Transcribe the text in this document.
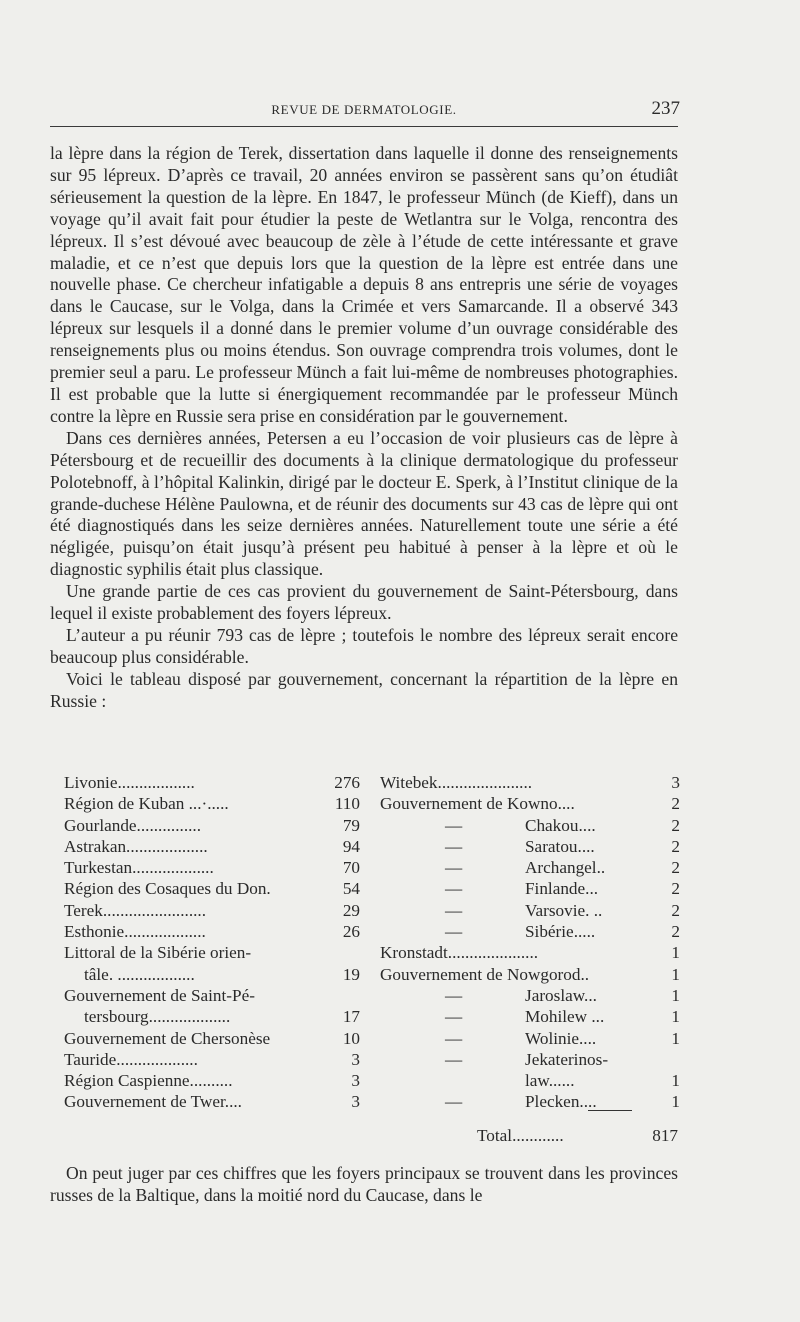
REVUE DE DERMATOLOGIE.	237

la lèpre dans la région de Terek, dissertation dans laquelle il donne des renseignements sur 95 lépreux. D’après ce travail, 20 années environ se passèrent sans qu’on étudiât sérieusement la question de la lèpre. En 1847, le professeur Münch (de Kieff), dans un voyage qu’il avait fait pour étudier la peste de Wetlantra sur le Volga, rencontra des lépreux. Il s’est dévoué avec beaucoup de zèle à l’étude de cette intéressante et grave maladie, et ce n’est que depuis lors que la question de la lèpre est entrée dans une nouvelle phase. Ce chercheur infatigable a depuis 8 ans entrepris une série de voyages dans le Caucase, sur le Volga, dans la Crimée et vers Samarcande. Il a observé 343 lépreux sur lesquels il a donné dans le premier volume d’un ouvrage considérable des renseignements plus ou moins étendus. Son ouvrage comprendra trois volumes, dont le premier seul a paru. Le professeur Münch a fait lui-même de nombreuses photographies. Il est probable que la lutte si énergiquement recommandée par le professeur Münch contre la lèpre en Russie sera prise en considération par le gouvernement.

Dans ces dernières années, Petersen a eu l’occasion de voir plusieurs cas de lèpre à Pétersbourg et de recueillir des documents à la clinique dermatologique du professeur Polotebnoff, à l’hôpital Kalinkin, dirigé par le docteur E. Sperk, à l’Institut clinique de la grande-duchese Hélène Paulowna, et de réunir des documents sur 43 cas de lèpre qui ont été diagnostiqués dans les seize dernières années. Naturellement toute une série a été négligée, puisqu’on était jusqu’à présent peu habitué à penser à la lèpre et où le diagnostic syphilis était plus classique.

Une grande partie de ces cas provient du gouvernement de Saint-Pétersbourg, dans lequel il existe probablement des foyers lépreux.

L’auteur a pu réunir 793 cas de lèpre ; toutefois le nombre des lépreux serait encore beaucoup plus considérable.

Voici le tableau disposé par gouvernement, concernant la répartition de la lèpre en Russie :

Livonie..................	276
Région de Kuban ...·.....	110
Gourlande...............	79
Astrakan...................	94
Turkestan...................	70
Région des Cosaques du Don.	54
Terek........................	29
Esthonie...................	26
Littoral de la Sibérie orien-
tâle. ..................	19
Gouvernement de Saint-Pé-
tersbourg...................	17
Gouvernement de Chersonèse	10
Tauride...................	3
Région Caspienne..........	3
Gouvernement de Twer....	3
Witebek......................	3
Gouvernement de Kowno....	2
—	Chakou....	2
—	Saratou....	2
—	Archangel..	2
—	Finlande...	2
—	Varsovie. ..	2
—	Sibérie.....	2
Kronstadt.....................	1
Gouvernement de Nowgorod..	1
—	Jaroslaw...	1
—	Mohilew ...	1
—	Wolinie....	1
—	Jekaterinos-
law......	1
—	Plecken....	1
Total............	817

On peut juger par ces chiffres que les foyers principaux se trouvent dans les provinces russes de la Baltique, dans la moitié nord du Caucase, dans le
